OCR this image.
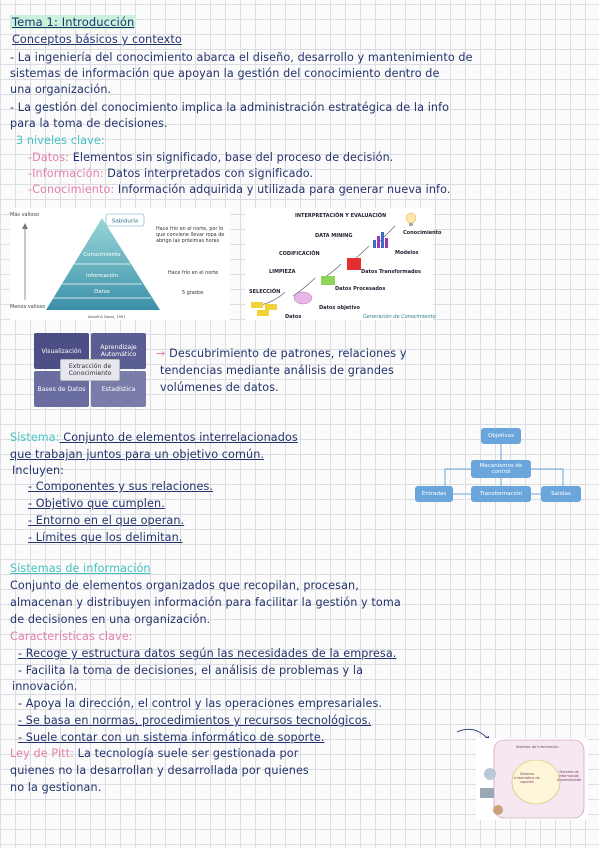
Tema 1: Introducción
Conceptos básicos y contexto
- La ingeniería del conocimiento abarca el diseño, desarrollo y mantenimiento de
sistemas de información que apoyan la gestión del conocimiento dentro de
una organización.
- La gestión del conocimiento implica la administración estratégica de la info
para la toma de decisiones.
3 niveles clave:
-Datos: Elementos sin significado, base del proceso de decisión.
-Información: Datos interpretados con significado.
-Conocimiento: Información adquirida y utilizada para generar nueva info.
Sabiduría
Conocimiento
Información
Datos
Más valioso
Menos valioso
Ackoff & Davis, 1991
Hace frío en el norte, por lo que conviene llevar ropa de abrigo las próximas horas
Hace frío en el norte
5 grados
INTERPRETACIÓN Y EVALUACIÓN
DATA MINING
CODIFICACIÓN
LIMPIEZA
SELECCIÓN
Conocimiento
Modelos
Datos Transformados
Datos Procesados
Datos objetivo
Datos	Generación de Conocimiento
Visualización	Aprendizaje Automático
Bases de Datos	Estadística
Extracción de Conocimiento
→ Descubrimiento de patrones, relaciones y
tendencias mediante análisis de grandes
volúmenes de datos.
Sistema: Conjunto de elementos interrelacionados
que trabajan juntos para un objetivo común.
Incluyen:
- Componentes y sus relaciones.
- Objetivo que cumplen.
- Entorno en el que operan.
- Límites que los delimitan.
Objetivos
Mecanismos de control
Entradas	Transformación	Salidas
Sistemas de información
Conjunto de elementos organizados que recopilan, procesan,
almacenan y distribuyen información para facilitar la gestión y toma
de decisiones en una organización.
Características clave:
- Recoge y estructura datos según las necesidades de la empresa.
- Facilita la toma de decisiones, el análisis de problemas y la
innovación.
- Apoya la dirección, el control y las operaciones empresariales.
- Se basa en normas, procedimientos y recursos tecnológicos.
- Suele contar con un sistema informático de soporte.
Ley de Pitt: La tecnología suele ser gestionada por
quienes no la desarrollan y desarrollada por quienes
no la gestionan.
Sistema de Información
Sistema Informático de soporte
Sistema de información Automatizado
